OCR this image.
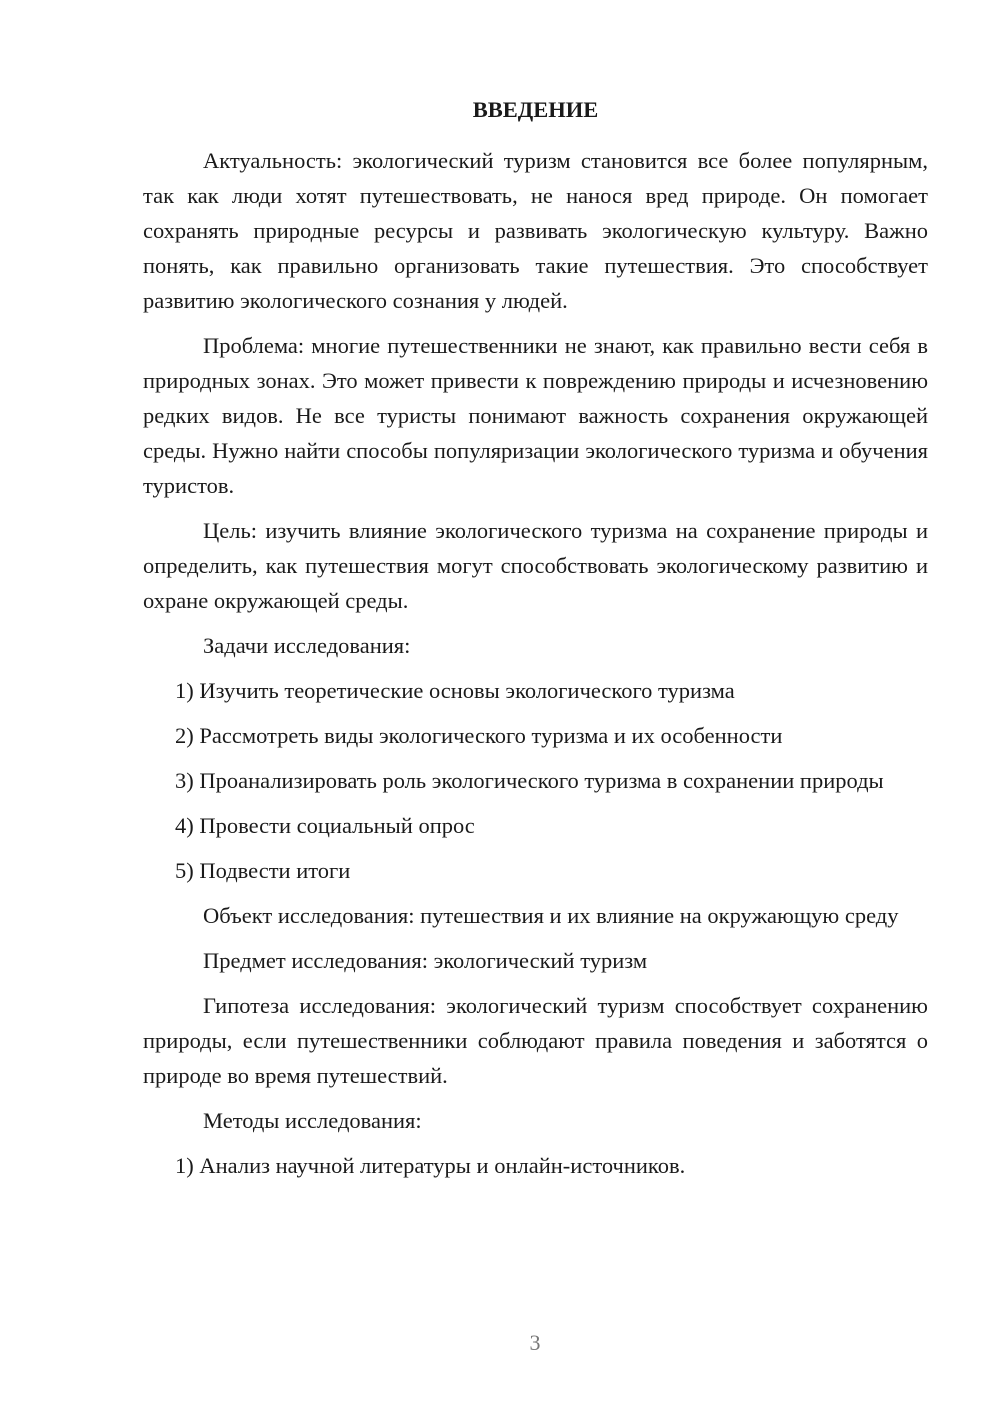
ВВЕДЕНИЕ

Актуальность: экологический туризм становится все более популярным, так как люди хотят путешествовать, не нанося вред природе. Он помогает сохранять природные ресурсы и развивать экологическую культуру. Важно понять, как правильно организовать такие путешествия. Это способствует развитию экологического сознания у людей.

Проблема: многие путешественники не знают, как правильно вести себя в природных зонах. Это может привести к повреждению природы и исчезновению редких видов. Не все туристы понимают важность сохранения окружающей среды. Нужно найти способы популяризации экологического туризма и обучения туристов.

Цель: изучить влияние экологического туризма на сохранение природы и определить, как путешествия могут способствовать экологическому развитию и охране окружающей среды.

Задачи исследования:

1) Изучить теоретические основы экологического туризма

2) Рассмотреть виды экологического туризма и их особенности

3) Проанализировать роль экологического туризма в сохранении природы

4) Провести социальный опрос

5) Подвести итоги

Объект исследования: путешествия и их влияние на окружающую среду

Предмет исследования: экологический туризм

Гипотеза исследования: экологический туризм способствует сохранению природы, если путешественники соблюдают правила поведения и заботятся о природе во время путешествий.

Методы исследования:

1) Анализ научной литературы и онлайн-источников.

3
